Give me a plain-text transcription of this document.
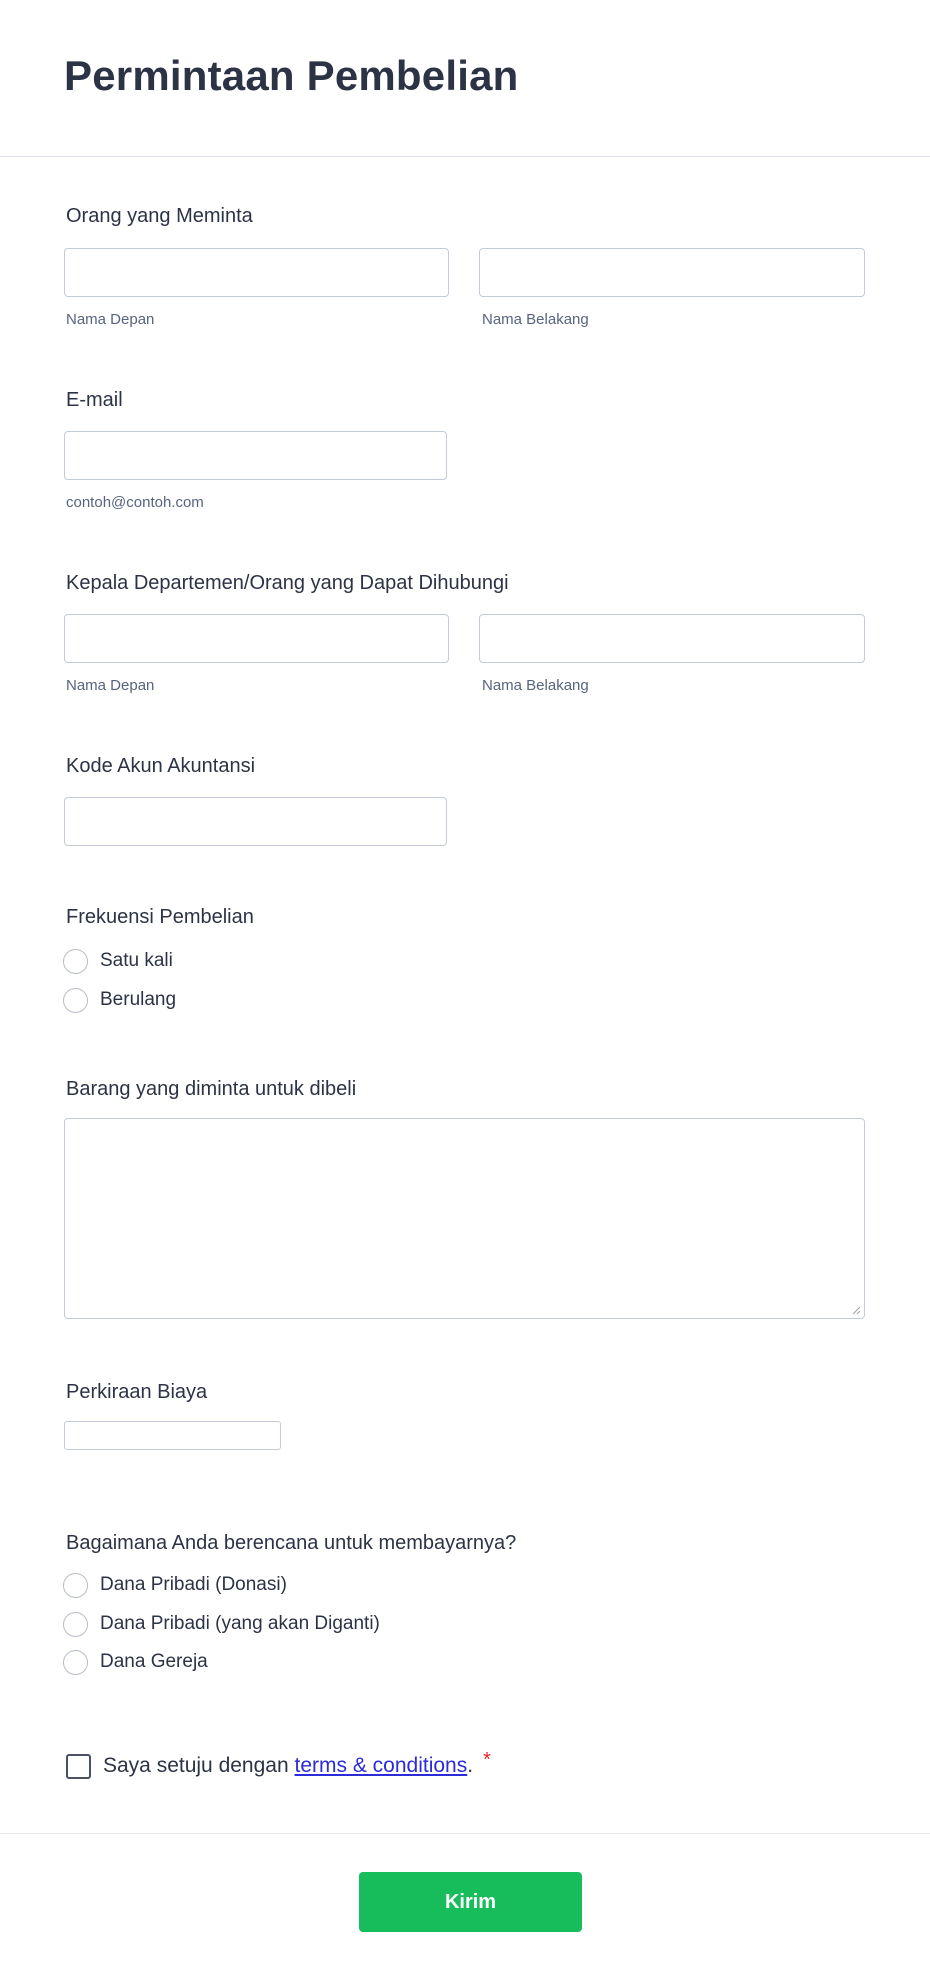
Permintaan Pembelian
Orang yang Meminta
Nama Depan	Nama Belakang
E-mail
contoh@contoh.com
Kepala Departemen/Orang yang Dapat Dihubungi
Nama Depan	Nama Belakang
Kode Akun Akuntansi
Frekuensi Pembelian
Satu kali
Berulang
Barang yang diminta untuk dibeli
Perkiraan Biaya
Bagaimana Anda berencana untuk membayarnya?
Dana Pribadi (Donasi)
Dana Pribadi (yang akan Diganti)
Dana Gereja
Saya setuju dengan terms & conditions. *
Kirim
